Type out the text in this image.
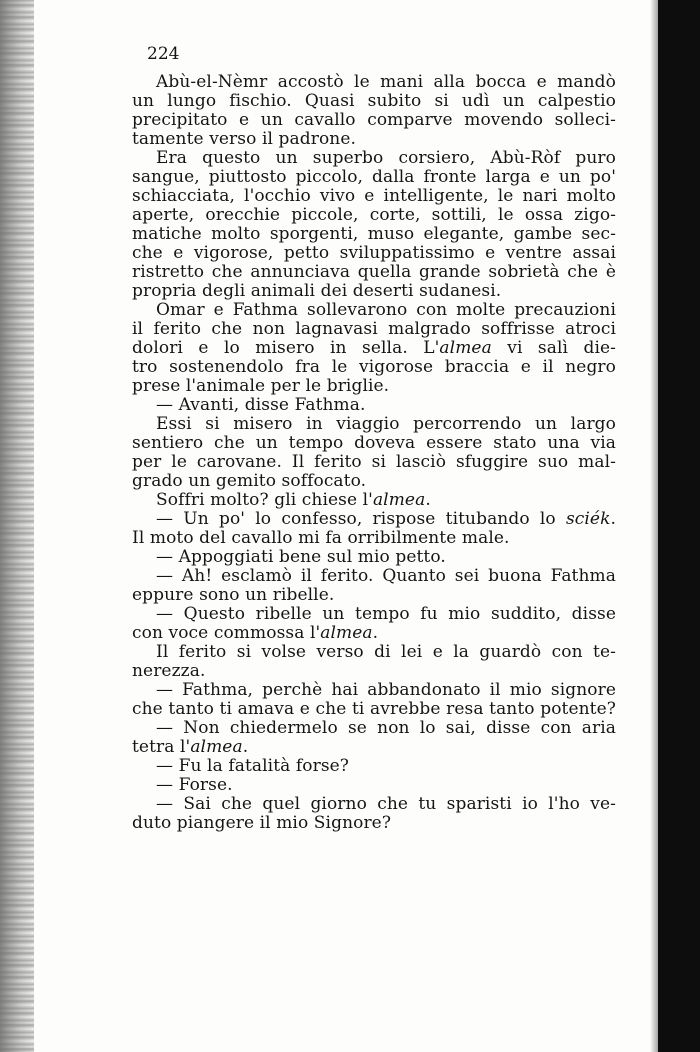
224
Abù-el-Nèmr accostò le mani alla bocca e mandò
un lungo fischio. Quasi subito si udì un calpestio
precipitato e un cavallo comparve movendo solleci-
tamente verso il padrone.
Era questo un superbo corsiero, Abù-Ròf puro
sangue, piuttosto piccolo, dalla fronte larga e un po'
schiacciata, l'occhio vivo e intelligente, le nari molto
aperte, orecchie piccole, corte, sottili, le ossa zigo-
matiche molto sporgenti, muso elegante, gambe sec-
che e vigorose, petto sviluppatissimo e ventre assai
ristretto che annunciava quella grande sobrietà che è
propria degli animali dei deserti sudanesi.
Omar e Fathma sollevarono con molte precauzioni
il ferito che non lagnavasi malgrado soffrisse atroci
dolori e lo misero in sella. L'almea vi salì die-
tro sostenendolo fra le vigorose braccia e il negro
prese l'animale per le briglie.
— Avanti, disse Fathma.
Essi si misero in viaggio percorrendo un largo
sentiero che un tempo doveva essere stato una via
per le carovane. Il ferito si lasciò sfuggire suo mal-
grado un gemito soffocato.
Soffri molto? gli chiese l'almea.
— Un po' lo confesso, rispose titubando lo sciék.
Il moto del cavallo mi fa orribilmente male.
— Appoggiati bene sul mio petto.
— Ah! esclamò il ferito. Quanto sei buona Fathma
eppure sono un ribelle.
— Questo ribelle un tempo fu mio suddito, disse
con voce commossa l'almea.
Il ferito si volse verso di lei e la guardò con te-
nerezza.
— Fathma, perchè hai abbandonato il mio signore
che tanto ti amava e che ti avrebbe resa tanto potente?
— Non chiedermelo se non lo sai, disse con aria
tetra l'almea.
— Fu la fatalità forse?
— Forse.
— Sai che quel giorno che tu sparisti io l'ho ve-
duto piangere il mio Signore?
